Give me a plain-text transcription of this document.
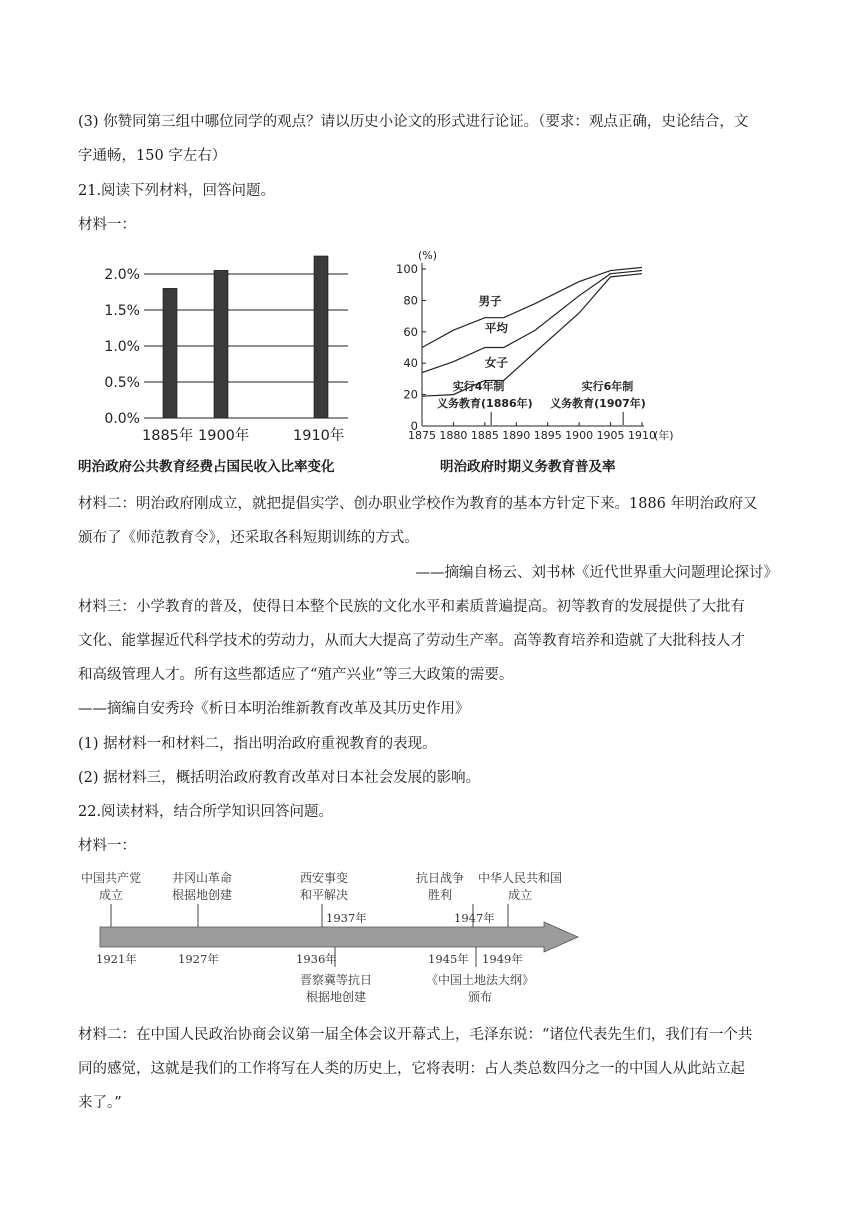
(3) 你赞同第三组中哪位同学的观点？请以历史小论文的形式进行论证。（要求：观点正确，史论结合，文
字通畅，150 字左右）
21.阅读下列材料，回答问题。
材料一：
2.0%
1.5%
1.0%
0.5%
0.0%
1885年 1900年	1910年
明治政府公共教育经费占国民收入比率变化
(%)
100
80
60
40
20
0
1875 1880 1885 1890 1895 1900 1905 1910
(年)
男子
平均
女子
实行4年制
义务教育(1886年)
实行6年制
义务教育(1907年)
明治政府时期义务教育普及率
材料二：明治政府刚成立，就把提倡实学、创办职业学校作为教育的基本方针定下来。1886 年明治政府又
颁布了《师范教育令》，还采取各科短期训练的方式。
——摘编自杨云、刘书林《近代世界重大问题理论探讨》
材料三：小学教育的普及，使得日本整个民族的文化水平和素质普遍提高。初等教育的发展提供了大批有
文化、能掌握近代科学技术的劳动力，从而大大提高了劳动生产率。高等教育培养和造就了大批科技人才
和高级管理人才。所有这些都适应了“殖产兴业”等三大政策的需要。
——摘编自安秀玲《析日本明治维新教育改革及其历史作用》
(1) 据材料一和材料二，指出明治政府重视教育的表现。
(2) 据材料三，概括明治政府教育改革对日本社会发展的影响。
22.阅读材料，结合所学知识回答问题。
材料一：
中国共产党
成立
井冈山革命
根据地创建
西安事变
和平解决
抗日战争
胜利
中华人民共和国
成立
1937年	1947年
1921年	1927年	1936年	1945年 1949年
晋察冀等抗日
根据地创建
《中国土地法大纲》
颁布
材料二：在中国人民政治协商会议第一届全体会议开幕式上，毛泽东说：“诸位代表先生们，我们有一个共
同的感觉，这就是我们的工作将写在人类的历史上，它将表明：占人类总数四分之一的中国人从此站立起
来了。”
